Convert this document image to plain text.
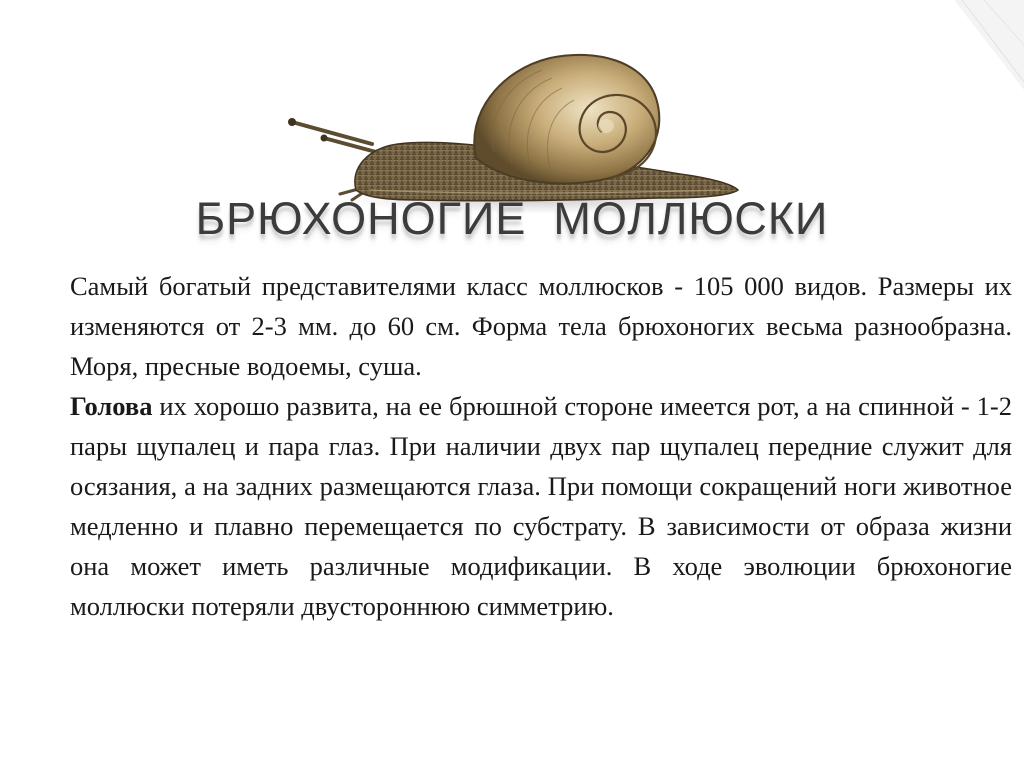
БРЮХОНОГИЕ  МОЛЛЮСКИ

Самый богатый представителями класс моллюсков - 105 000 видов. Размеры их изменяются от 2-3 мм. до 60 см. Форма тела брюхоногих весьма разнообразна. Моря, пресные водоемы, суша.

Голова их хорошо развита, на ее брюшной стороне имеется рот, а на спинной - 1-2 пары щупалец и пара глаз. При наличии двух пар щупалец передние служит для осязания, а на задних размещаются глаза. При помощи сокращений ноги животное медленно и плавно перемещается по субстрату. В зависимости от образа жизни она может иметь различные модификации. В ходе эволюции брюхоногие моллюски потеряли двустороннюю симметрию.
